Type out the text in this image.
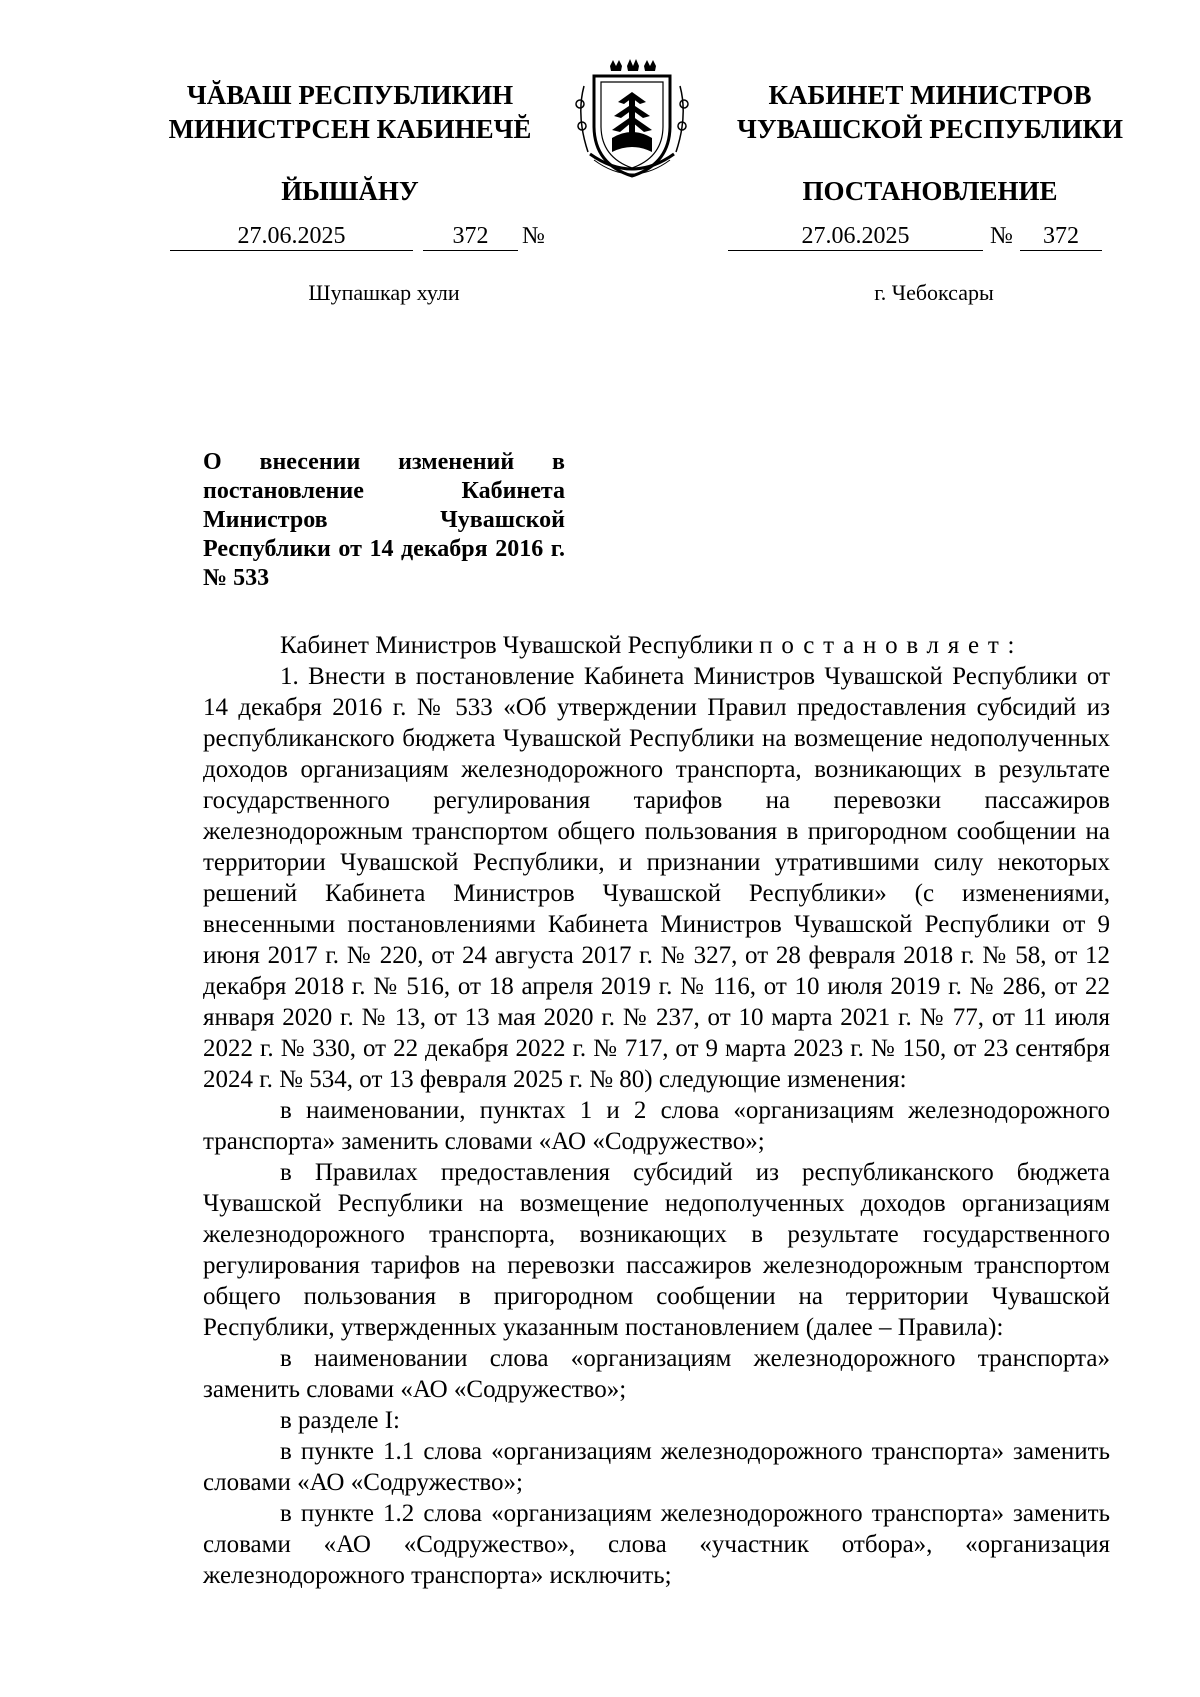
ЧĂВАШ РЕСПУБЛИКИН
МИНИСТРСЕН КАБИНЕЧĔ
ЙЫШĂНУ
КАБИНЕТ МИНИСТРОВ
ЧУВАШСКОЙ РЕСПУБЛИКИ
ПОСТАНОВЛЕНИЕ
27.06.2025	372	№	27.06.2025	№	372
Шупашкар хули	г. Чебоксары
О внесении изменений в постановление Кабинета Министров Чувашской Республики от 14 декабря 2016 г. № 533

Кабинет Министров Чувашской Республики постановляет:

1. Внести в постановление Кабинета Министров Чувашской Республики от 14 декабря 2016 г. № 533 «Об утверждении Правил предоставления субсидий из республиканского бюджета Чувашской Республики на возмещение недополученных доходов организациям железнодорожного транспорта, возникающих в результате государственного регулирования тарифов на перевозки пассажиров железнодорожным транспортом общего пользования в пригородном сообщении на территории Чувашской Республики, и признании утратившими силу некоторых решений Кабинета Министров Чувашской Республики» (с изменениями, внесенными постановлениями Кабинета Министров Чувашской Республики от 9 июня 2017 г. № 220, от 24 августа 2017 г. № 327, от 28 февраля 2018 г. № 58, от 12 декабря 2018 г. № 516, от 18 апреля 2019 г. № 116, от 10 июля 2019 г. № 286, от 22 января 2020 г. № 13, от 13 мая 2020 г. № 237, от 10 марта 2021 г. № 77, от 11 июля 2022 г. № 330, от 22 декабря 2022 г. № 717, от 9 марта 2023 г. № 150, от 23 сентября 2024 г. № 534, от 13 февраля 2025 г. № 80) следующие изменения:

в наименовании, пунктах 1 и 2 слова «организациям железнодорожного транспорта» заменить словами «АО «Содружество»;

в Правилах предоставления субсидий из республиканского бюджета Чувашской Республики на возмещение недополученных доходов организациям железнодорожного транспорта, возникающих в результате государственного регулирования тарифов на перевозки пассажиров железнодорожным транспортом общего пользования в пригородном сообщении на территории Чувашской Республики, утвержденных указанным постановлением (далее – Правила):

в наименовании слова «организациям железнодорожного транспорта» заменить словами «АО «Содружество»;

в разделе I:

в пункте 1.1 слова «организациям железнодорожного транспорта» заменить словами «АО «Содружество»;

в пункте 1.2 слова «организациям железнодорожного транспорта» заменить словами «АО «Содружество», слова «участник отбора», «организация железнодорожного транспорта» исключить;
